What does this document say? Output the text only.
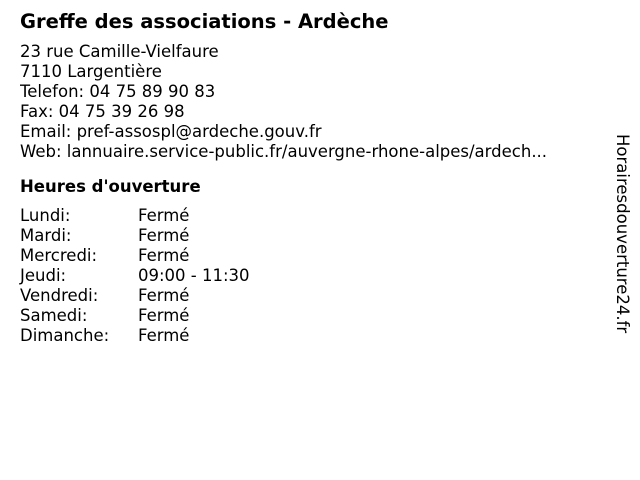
Greffe des associations - Ardèche
23 rue Camille-Vielfaure
7110 Largentière
Telefon: 04 75 89 90 83
Fax: 04 75 39 26 98
Email: pref-assospl@ardeche.gouv.fr
Web: lannuaire.service-public.fr/auvergne-rhone-alpes/ardech...
Heures d'ouverture
Lundi:	Fermé
Mardi:	Fermé
Mercredi:	Fermé
Jeudi:	09:00 - 11:30
Vendredi:	Fermé
Samedi:	Fermé
Dimanche:	Fermé
Horairesdouverture24.fr
